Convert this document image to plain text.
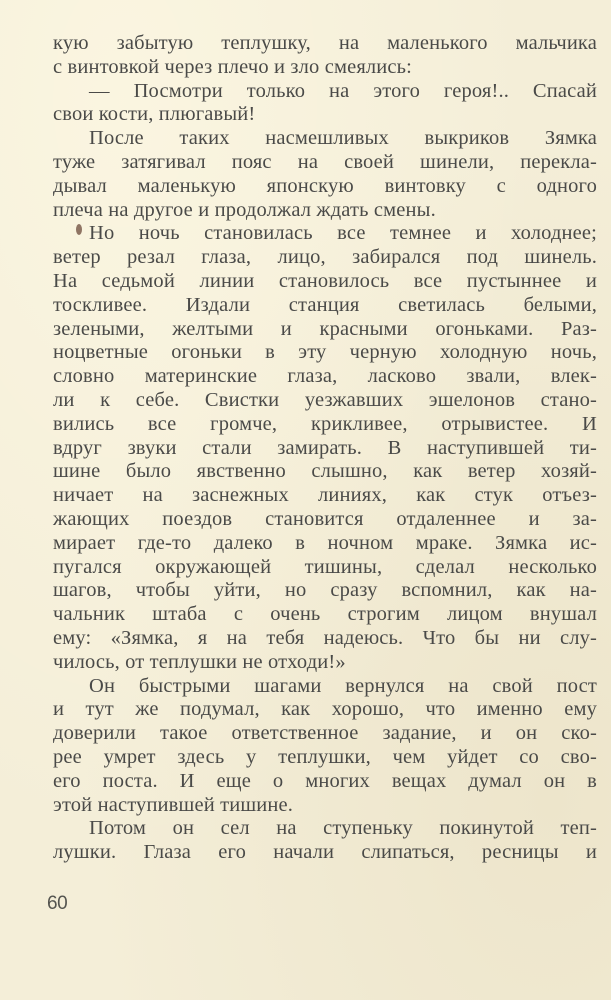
кую забытую теплушку, на маленького мальчика
с винтовкой через плечо и зло смеялись:
— Посмотри только на этого героя!.. Спасай
свои кости, плюгавый!
После таких насмешливых выкриков Зямка
туже затягивал пояс на своей шинели, перекла-
дывал маленькую японскую винтовку с одного
плеча на другое и продолжал ждать смены.
Но ночь становилась все темнее и холоднее;
ветер резал глаза, лицо, забирался под шинель.
На седьмой линии становилось все пустыннее и
тоскливее. Издали станция светилась белыми,
зелеными, желтыми и красными огоньками. Раз-
ноцветные огоньки в эту черную холодную ночь,
словно материнские глаза, ласково звали, влек-
ли к себе. Свистки уезжавших эшелонов стано-
вились все громче, крикливее, отрывистее. И
вдруг звуки стали замирать. В наступившей ти-
шине было явственно слышно, как ветер хозяй-
ничает на заснежных линиях, как стук отъез-
жающих поездов становится отдаленнее и за-
мирает где-то далеко в ночном мраке. Зямка ис-
пугался окружающей тишины, сделал несколько
шагов, чтобы уйти, но сразу вспомнил, как на-
чальник штаба с очень строгим лицом внушал
ему: «Зямка, я на тебя надеюсь. Что бы ни слу-
чилось, от теплушки не отходи!»
Он быстрыми шагами вернулся на свой пост
и тут же подумал, как хорошо, что именно ему
доверили такое ответственное задание, и он ско-
рее умрет здесь у теплушки, чем уйдет со сво-
его поста. И еще о многих вещах думал он в
этой наступившей тишине.
Потом он сел на ступеньку покинутой теп-
лушки. Глаза его начали слипаться, ресницы и
60
